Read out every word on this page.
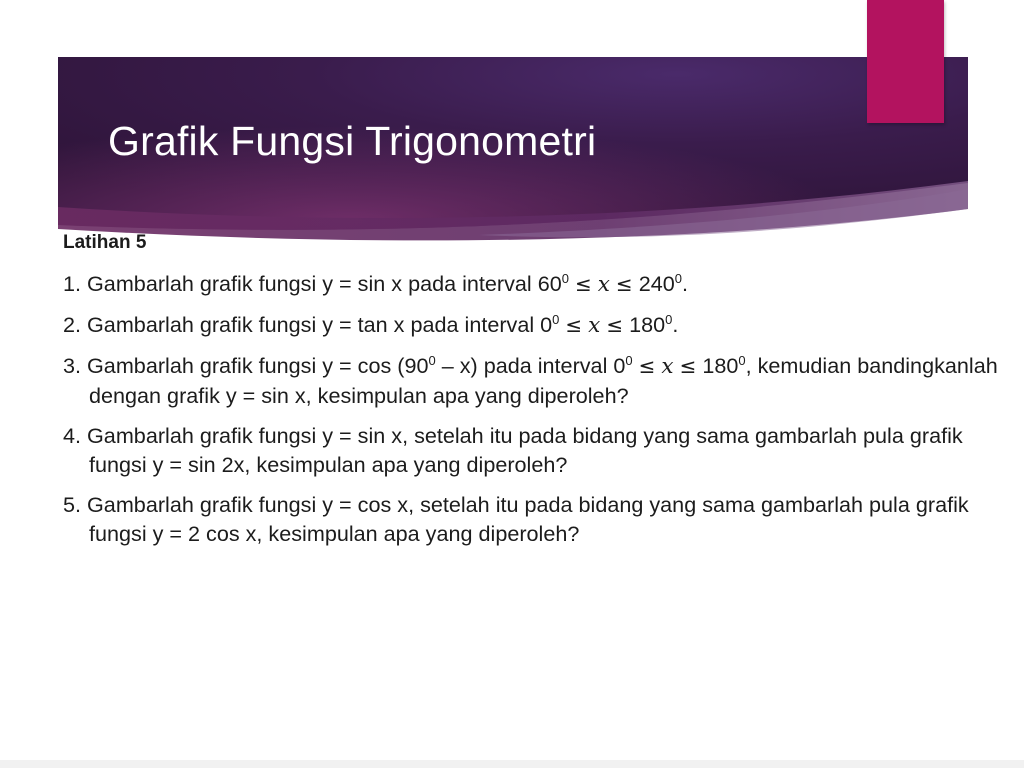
Grafik Fungsi Trigonometri

Latihan 5

1. Gambarlah grafik fungsi y = sin x pada interval $60^0 \le x \le 240^0$.
2. Gambarlah grafik fungsi y = tan x pada interval $0^0 \le x \le 180^0$.
3. Gambarlah grafik fungsi $y = \cos (90^0 - x)$ pada interval $0^0 \le x \le 180^0$, kemudian bandingkanlah dengan grafik y = sin x, kesimpulan apa yang diperoleh?
4. Gambarlah grafik fungsi y = sin x, setelah itu pada bidang yang sama gambarlah pula grafik fungsi y = sin 2x, kesimpulan apa yang diperoleh?
5. Gambarlah grafik fungsi y = cos x, setelah itu pada bidang yang sama gambarlah pula grafik fungsi y = 2 cos x, kesimpulan apa yang diperoleh?
